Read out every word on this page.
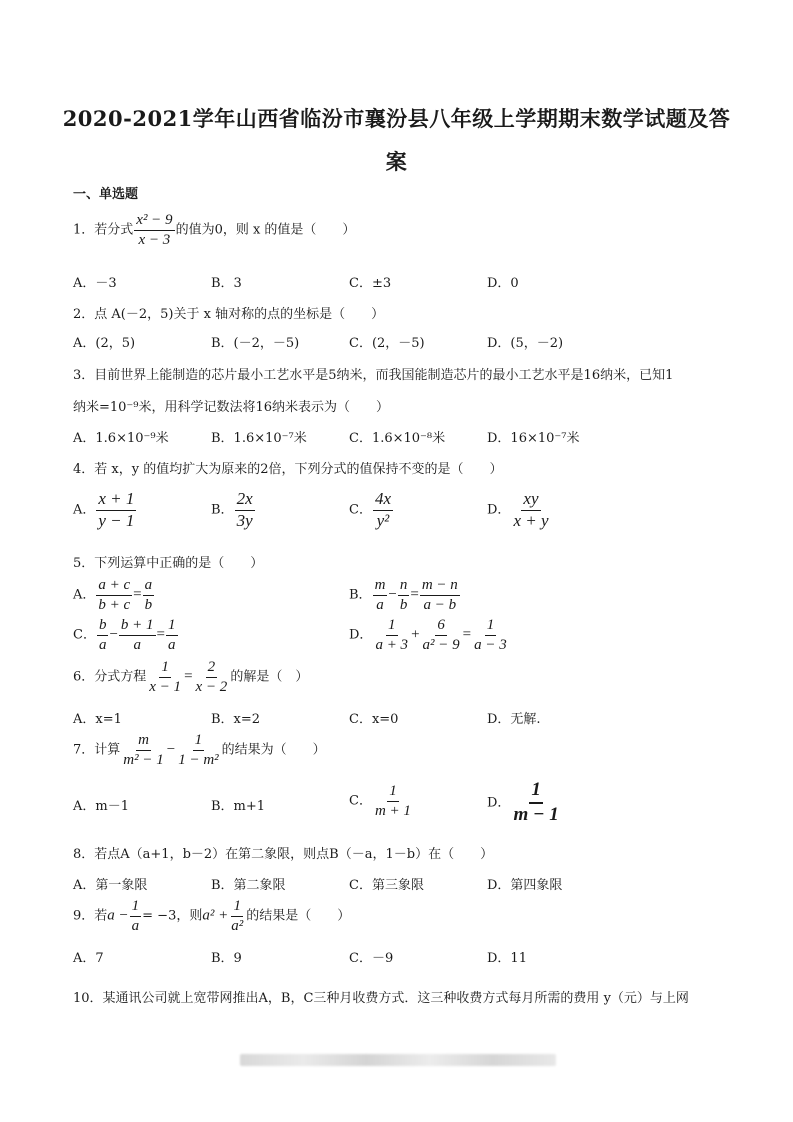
2020-2021学年山西省临汾市襄汾县八年级上学期期末数学试题及答
案
一、单选题
1．若分式 $\frac{\text{x² − 9}}{x - 3}$ 的值为0，则 x 的值是（　　）
A．－3	B．3	C．±3	D．0
2．点 A(－2，5)关于 x 轴对称的点的坐标是（　　）
A．(2，5)	B．(－2，－5)	C．(2，－5)	D．(5，－2)
3．目前世界上能制造的芯片最小工艺水平是5纳米，而我国能制造芯片的最小工艺水平是16纳米，已知1
纳米=10⁻⁹米，用科学记数法将16纳米表示为（　　）
A．1.6×10⁻⁹米	B．1.6×10⁻⁷米	C．1.6×10⁻⁸米	D．16×10⁻⁷米
4．若 x，y 的值均扩大为原来的2倍，下列分式的值保持不变的是（　　）
A． $\frac{x + 1}{y - 1}$	B． $\frac{2x}{3y}$	C． $\frac{4x}{\text{y²}}$	D． $\frac{xy}{x + y}$
5．下列运算中正确的是（　　）
A． $\frac{a + c}{b + c} = \frac{a}{b}$	B． $\frac{m}{a} - \frac{n}{b} = \frac{m - n}{a - b}$
C． $\frac{b}{a} - \frac{b + 1}{a} = \frac{1}{a}$	D． $\frac{1}{a + 3} + \frac{6}{\text{a² − 9}} = \frac{1}{a - 3}$
6．分式方程 $\frac{1}{x - 1} = \frac{2}{x - 2}$ 的解是（　）
A．x=1	B．x=2	C．x=0	D．无解.
7．计算 $\frac{m}{\text{m² − 1}} - \frac{1}{\text{1 − m²}}$ 的结果为（　　）
A．m－1	B．m+1	C． $\frac{1}{m + 1}$	D． $\frac{1}{m - 1}$
8．若点A（a+1，b－2）在第二象限，则点B（－a，1－b）在（　　）
A．第一象限	B．第二象限	C．第三象限	D．第四象限
9．若$a - \frac{1}{a} = -3$，则$a^2 + \frac{1}{\text{a²}}$ 的结果是（　　）
A．7	B．9	C．－9	D．11
10．某通讯公司就上宽带网推出A，B，C三种月收费方式．这三种收费方式每月所需的费用 y（元）与上网
